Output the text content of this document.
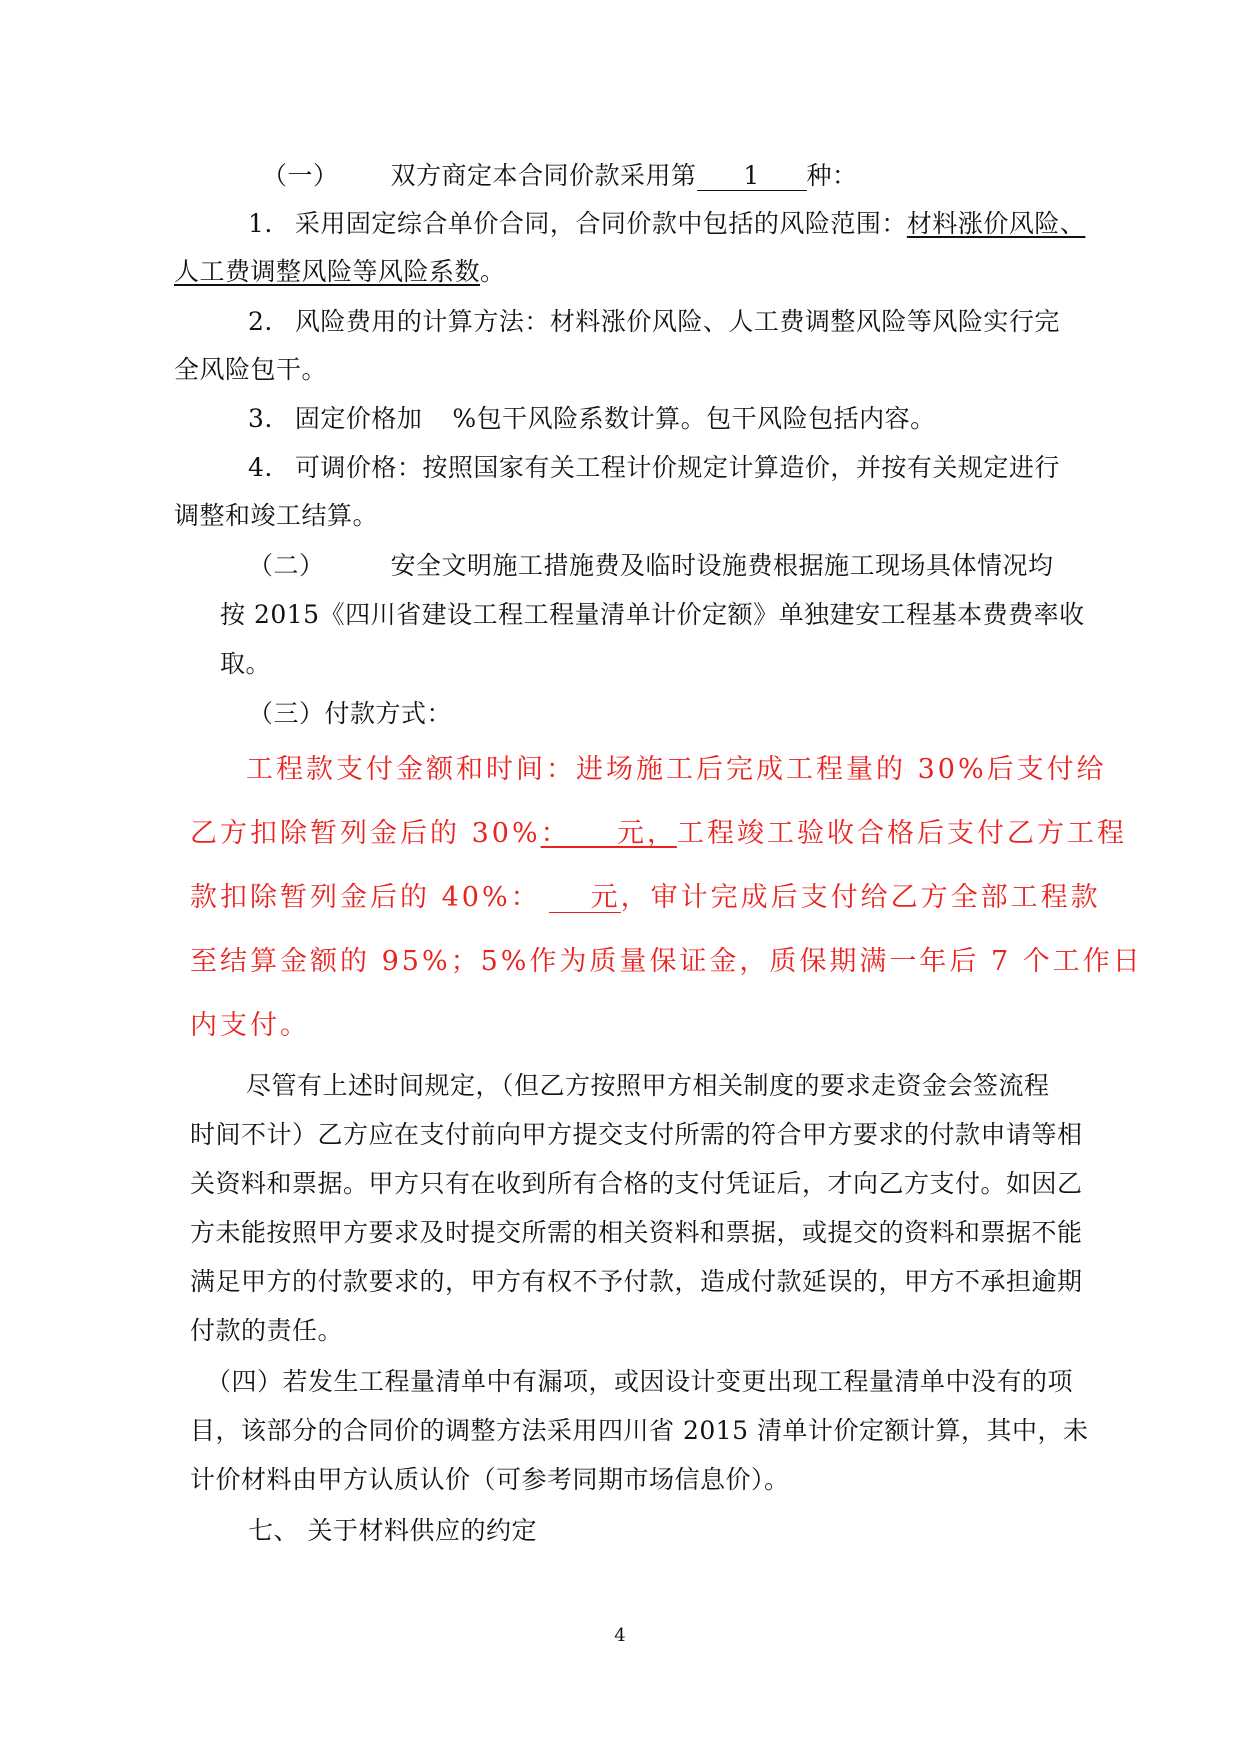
（一） 双方商定本合同价款采用第 1 种：
1. 采用固定综合单价合同，合同价款中包括的风险范围：材料涨价风险、
人工费调整风险等风险系数。
2. 风险费用的计算方法：材料涨价风险、人工费调整风险等风险实行完
全风险包干。
3. 固定价格加 %包干风险系数计算。包干风险包括内容。
4. 可调价格：按照国家有关工程计价规定计算造价，并按有关规定进行
调整和竣工结算。
（二）	安全文明施工措施费及临时设施费根据施工现场具体情况均
按 2015《四川省建设工程工程量清单计价定额》单独建安工程基本费费率收
取。
（三）付款方式：
工程款支付金额和时间：进场施工后完成工程量的 30%后支付给
乙方扣除暂列金后的 30%：    元，工程竣工验收合格后支付乙方工程
款扣除暂列金后的 40%： 元，审计完成后支付给乙方全部工程款
至结算金额的 95%；5%作为质量保证金，质保期满一年后 7 个工作日
内支付。
尽管有上述时间规定，（但乙方按照甲方相关制度的要求走资金会签流程
时间不计）乙方应在支付前向甲方提交支付所需的符合甲方要求的付款申请等相
关资料和票据。甲方只有在收到所有合格的支付凭证后，才向乙方支付。如因乙
方未能按照甲方要求及时提交所需的相关资料和票据，或提交的资料和票据不能
满足甲方的付款要求的，甲方有权不予付款，造成付款延误的，甲方不承担逾期
付款的责任。
（四）若发生工程量清单中有漏项，或因设计变更出现工程量清单中没有的项
目，该部分的合同价的调整方法采用四川省 2015 清单计价定额计算，其中，未
计价材料由甲方认质认价（可参考同期市场信息价）。
七、 关于材料供应的约定
4
